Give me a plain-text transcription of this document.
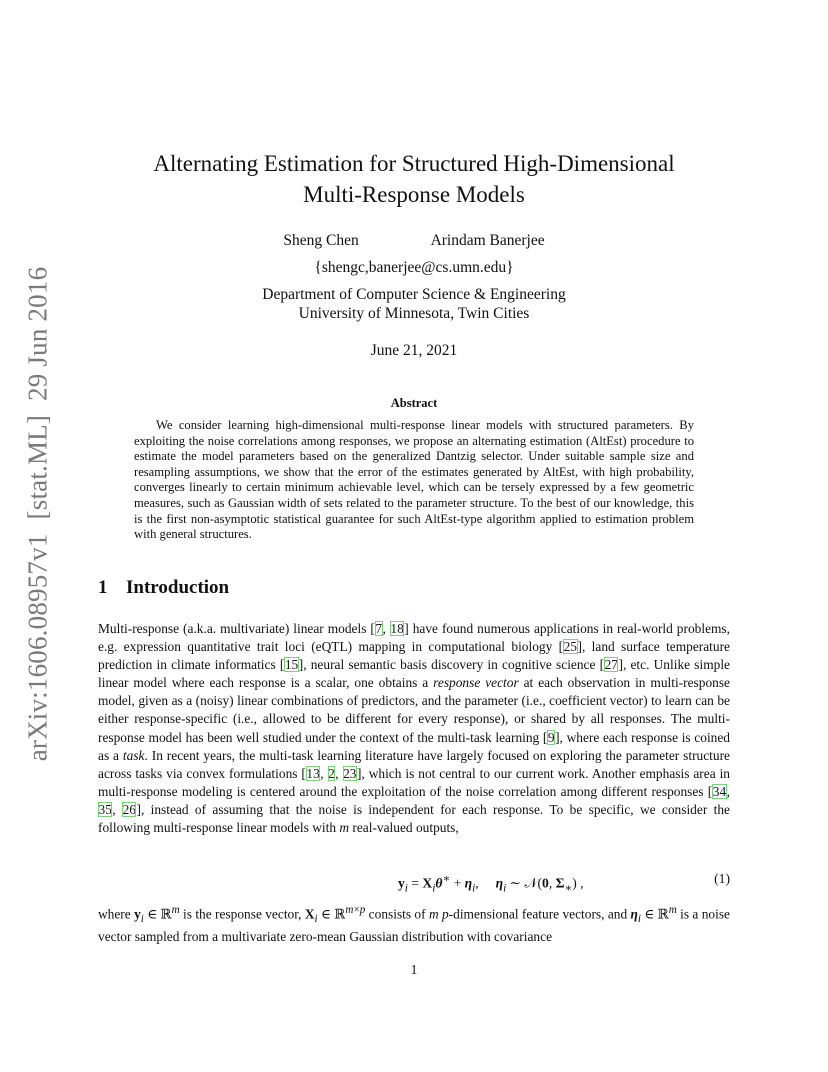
arXiv:1606.08957v1[stat.ML]29 Jun 2016
Alternating Estimation for Structured High-Dimensional
Multi-Response Models
Sheng Chen	Arindam Banerjee
{shengc,banerjee@cs.umn.edu}
Department of Computer Science & Engineering
University of Minnesota, Twin Cities
June 21, 2021
Abstract
We consider learning high-dimensional multi-response linear models with structured parameters. By exploiting the noise correlations among responses, we propose an alternating estimation (AltEst) procedure to estimate the model parameters based on the generalized Dantzig selector. Under suitable sample size and resampling assumptions, we show that the error of the estimates generated by AltEst, with high probability, converges linearly to certain minimum achievable level, which can be tersely expressed by a few geometric measures, such as Gaussian width of sets related to the parameter structure. To the best of our knowledge, this is the first non-asymptotic statistical guarantee for such AltEst-type algorithm applied to estimation problem with general structures.
1 Introduction
Multi-response (a.k.a. multivariate) linear models [7, 18] have found numerous applications in real-world problems, e.g. expression quantitative trait loci (eQTL) mapping in computational biology [25], land surface temperature prediction in climate informatics [15], neural semantic basis discovery in cognitive science [27], etc. Unlike simple linear model where each response is a scalar, one obtains a response vector at each observation in multi-response model, given as a (noisy) linear combinations of predictors, and the parameter (i.e., coefficient vector) to learn can be either response-specific (i.e., allowed to be different for every response), or shared by all responses. The multi-response model has been well studied under the context of the multi-task learning [9], where each response is coined as a task. In recent years, the multi-task learning literature have largely focused on exploring the parameter structure across tasks via convex formulations [13, 2, 23], which is not central to our current work. Another emphasis area in multi-response modeling is centered around the exploitation of the noise correlation among different responses [34, 35, 26], instead of assuming that the noise is independent for each response. To be specific, we consider the following multi-response linear models with m real-valued outputs,
$y_i = X_i\theta^∗ + \eta_i$,     $\eta_i$ ∼ 𝒩(0, $\Sigma_∗$) ,	(1)
where $y_i$ ∈ ℝ$^m$ is the response vector, $X_i$ ∈ ℝ$^{m\times p}$ consists of m p-dimensional feature vectors, and $\eta_i$ ∈ ℝ$^m$ is a noise vector sampled from a multivariate zero-mean Gaussian distribution with covariance
1
